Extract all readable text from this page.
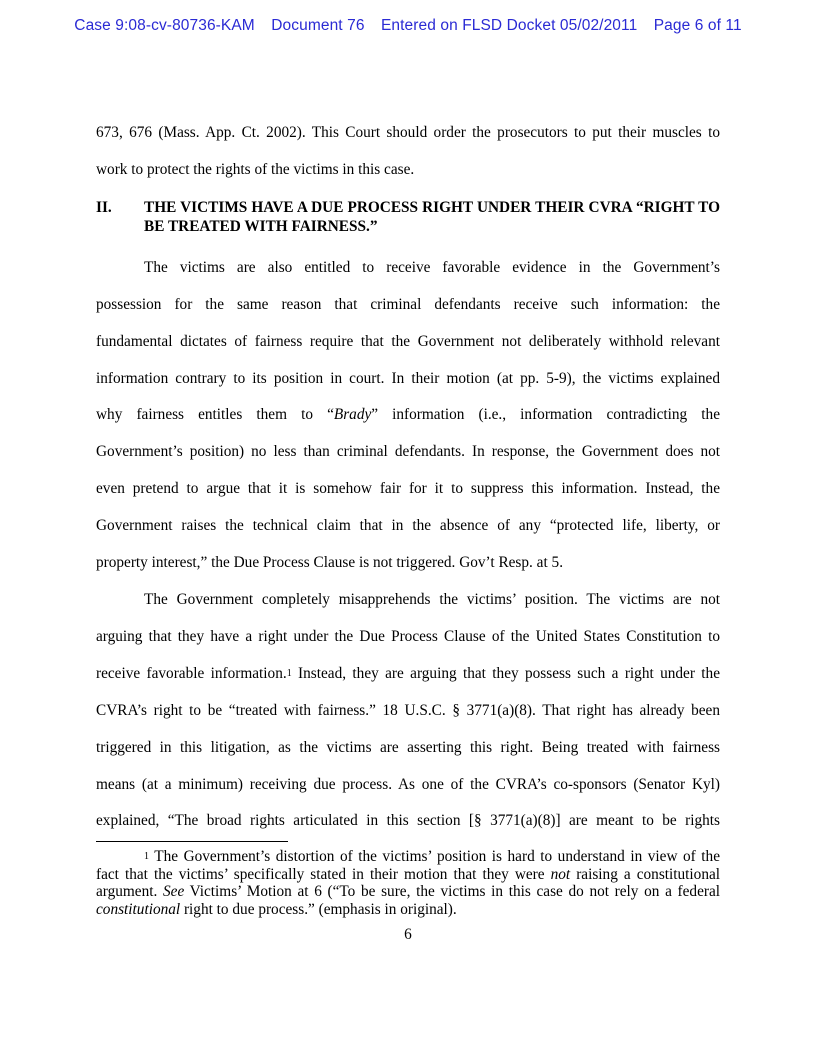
Case 9:08-cv-80736-KAM Document 76 Entered on FLSD Docket 05/02/2011 Page 6 of 11
673, 676 (Mass. App. Ct. 2002). This Court should order the prosecutors to put their muscles to
work to protect the rights of the victims in this case.
II.	THE VICTIMS HAVE A DUE PROCESS RIGHT UNDER THEIR CVRA “RIGHT TO BE TREATED WITH FAIRNESS.”
The victims are also entitled to receive favorable evidence in the Government’s
possession for the same reason that criminal defendants receive such information: the
fundamental dictates of fairness require that the Government not deliberately withhold relevant
information contrary to its position in court. In their motion (at pp. 5-9), the victims explained
why fairness entitles them to “Brady” information (i.e., information contradicting the
Government’s position) no less than criminal defendants. In response, the Government does not
even pretend to argue that it is somehow fair for it to suppress this information. Instead, the
Government raises the technical claim that in the absence of any “protected life, liberty, or
property interest,” the Due Process Clause is not triggered. Gov’t Resp. at 5.
The Government completely misapprehends the victims’ position. The victims are not
arguing that they have a right under the Due Process Clause of the United States Constitution to
receive favorable information.$^1$ Instead, they are arguing that they possess such a right under the
CVRA’s right to be “treated with fairness.” 18 U.S.C. § 3771(a)(8). That right has already been
triggered in this litigation, as the victims are asserting this right. Being treated with fairness
means (at a minimum) receiving due process. As one of the CVRA’s co-sponsors (Senator Kyl)
explained, “The broad rights articulated in this section [§ 3771(a)(8)] are meant to be rights
$^1$ The Government’s distortion of the victims’ position is hard to understand in view of the fact that the victims’ specifically stated in their motion that they were not raising a constitutional argument. See Victims’ Motion at 6 (“To be sure, the victims in this case do not rely on a federal constitutional right to due process.” (emphasis in original).
6
